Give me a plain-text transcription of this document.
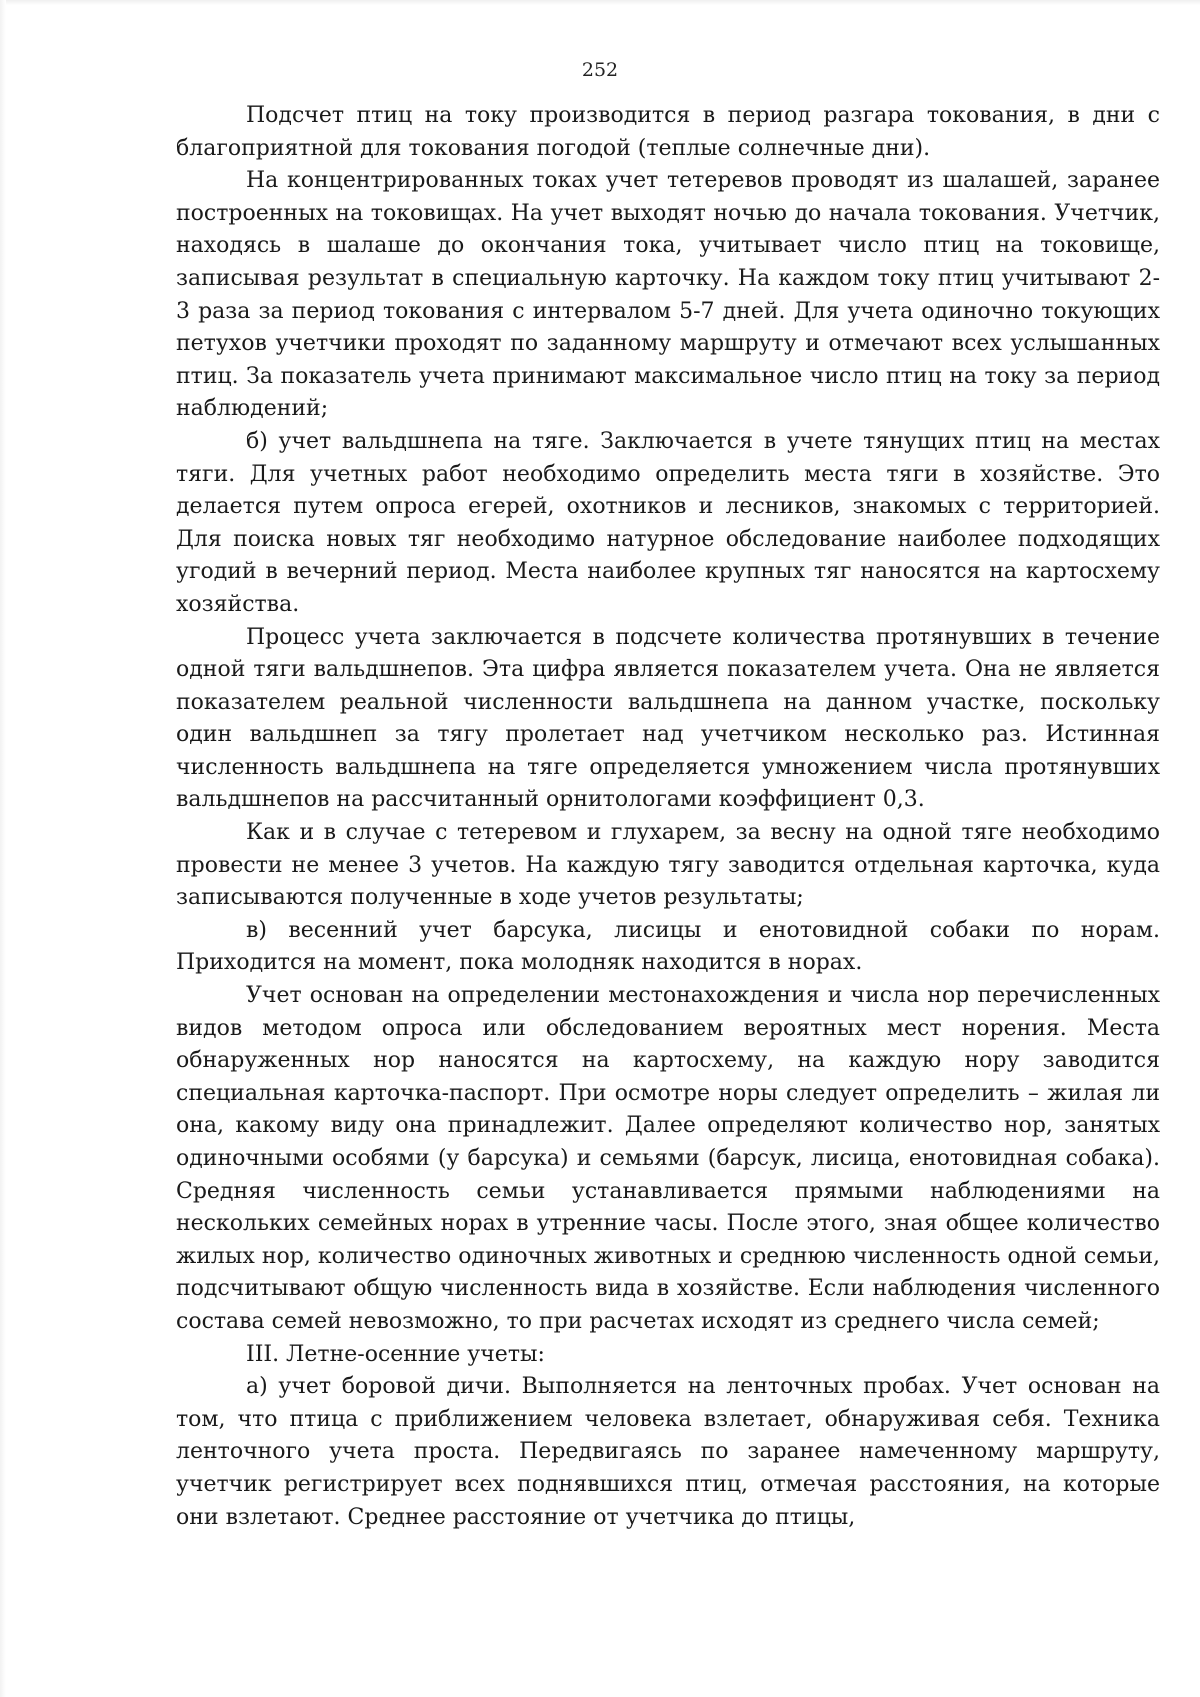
252

Подсчет птиц на току производится в период разгара токования, в дни с благоприятной для токования погодой (теплые солнечные дни).

На концентрированных токах учет тетеревов проводят из шалашей, заранее построенных на токовищах. На учет выходят ночью до начала токования. Учетчик, находясь в шалаше до окончания тока, учитывает число птиц на токовище, записывая результат в специальную карточку. На каждом току птиц учитывают 2-3 раза за период токования с интервалом 5-7 дней. Для учета одиночно токующих петухов учетчики проходят по заданному маршруту и отмечают всех услышанных птиц. За показатель учета принимают максимальное число птиц на току за период наблюдений;

б) учет вальдшнепа на тяге. Заключается в учете тянущих птиц на местах тяги. Для учетных работ необходимо определить места тяги в хозяйстве. Это делается путем опроса егерей, охотников и лесников, знакомых с территорией. Для поиска новых тяг необходимо натурное обследование наиболее подходящих угодий в вечерний период. Места наиболее крупных тяг наносятся на картосхему хозяйства.

Процесс учета заключается в подсчете количества протянувших в течение одной тяги вальдшнепов. Эта цифра является показателем учета. Она не является показателем реальной численности вальдшнепа на данном участке, поскольку один вальдшнеп за тягу пролетает над учетчиком несколько раз. Истинная численность вальдшнепа на тяге определяется умножением числа протянувших вальдшнепов на рассчитанный орнитологами коэффициент 0,3.

Как и в случае с тетеревом и глухарем, за весну на одной тяге необходимо провести не менее 3 учетов. На каждую тягу заводится отдельная карточка, куда записываются полученные в ходе учетов результаты;

в) весенний учет барсука, лисицы и енотовидной собаки по норам. Приходится на момент, пока молодняк находится в норах.

Учет основан на определении местонахождения и числа нор перечисленных видов методом опроса или обследованием вероятных мест норения. Места обнаруженных нор наносятся на картосхему, на каждую нору заводится специальная карточка-паспорт. При осмотре норы следует определить – жилая ли она, какому виду она принадлежит. Далее определяют количество нор, занятых одиночными особями (у барсука) и семьями (барсук, лисица, енотовидная собака). Средняя численность семьи устанавливается прямыми наблюдениями на нескольких семейных норах в утренние часы. После этого, зная общее количество жилых нор, количество одиночных животных и среднюю численность одной семьи, подсчитывают общую численность вида в хозяйстве. Если наблюдения численного состава семей невозможно, то при расчетах исходят из среднего числа семей;

III. Летне-осенние учеты:

а) учет боровой дичи. Выполняется на ленточных пробах. Учет основан на том, что птица с приближением человека взлетает, обнаруживая себя. Техника ленточного учета проста. Передвигаясь по заранее намеченному маршруту, учетчик регистрирует всех поднявшихся птиц, отмечая расстояния, на которые они взлетают. Среднее расстояние от учетчика до птицы,
